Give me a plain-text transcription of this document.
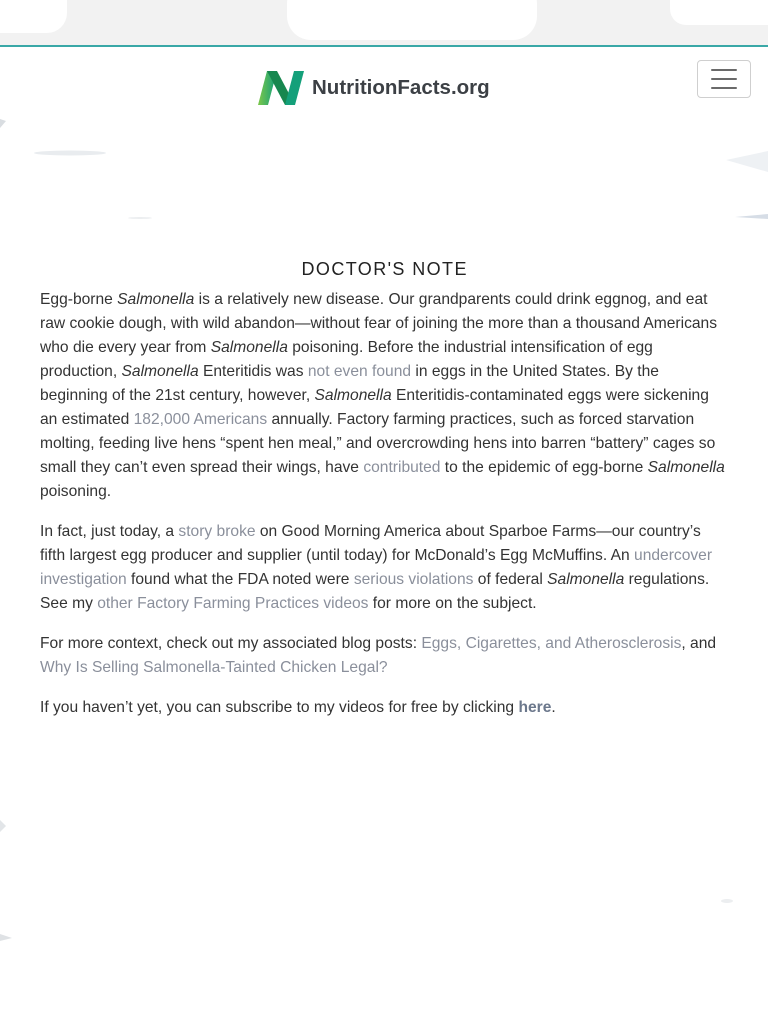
NutritionFacts.org
DOCTOR'S NOTE

Egg-borne Salmonella is a relatively new disease. Our grandparents could drink eggnog, and eat raw cookie dough, with wild abandon—without fear of joining the more than a thousand Americans who die every year from Salmonella poisoning. Before the industrial intensification of egg production, Salmonella Enteritidis was not even found in eggs in the United States. By the beginning of the 21st century, however, Salmonella Enteritidis-contaminated eggs were sickening an estimated 182,000 Americans annually. Factory farming practices, such as forced starvation molting, feeding live hens “spent hen meal,” and overcrowding hens into barren “battery” cages so small they can’t even spread their wings, have contributed to the epidemic of egg-borne Salmonella poisoning.

In fact, just today, a story broke on Good Morning America about Sparboe Farms—our country’s fifth largest egg producer and supplier (until today) for McDonald’s Egg McMuffins. An undercover investigation found what the FDA noted were serious violations of federal Salmonella regulations. See my other Factory Farming Practices videos for more on the subject.

For more context, check out my associated blog posts: Eggs, Cigarettes, and Atherosclerosis, and Why Is Selling Salmonella-Tainted Chicken Legal?

If you haven’t yet, you can subscribe to my videos for free by clicking here.
